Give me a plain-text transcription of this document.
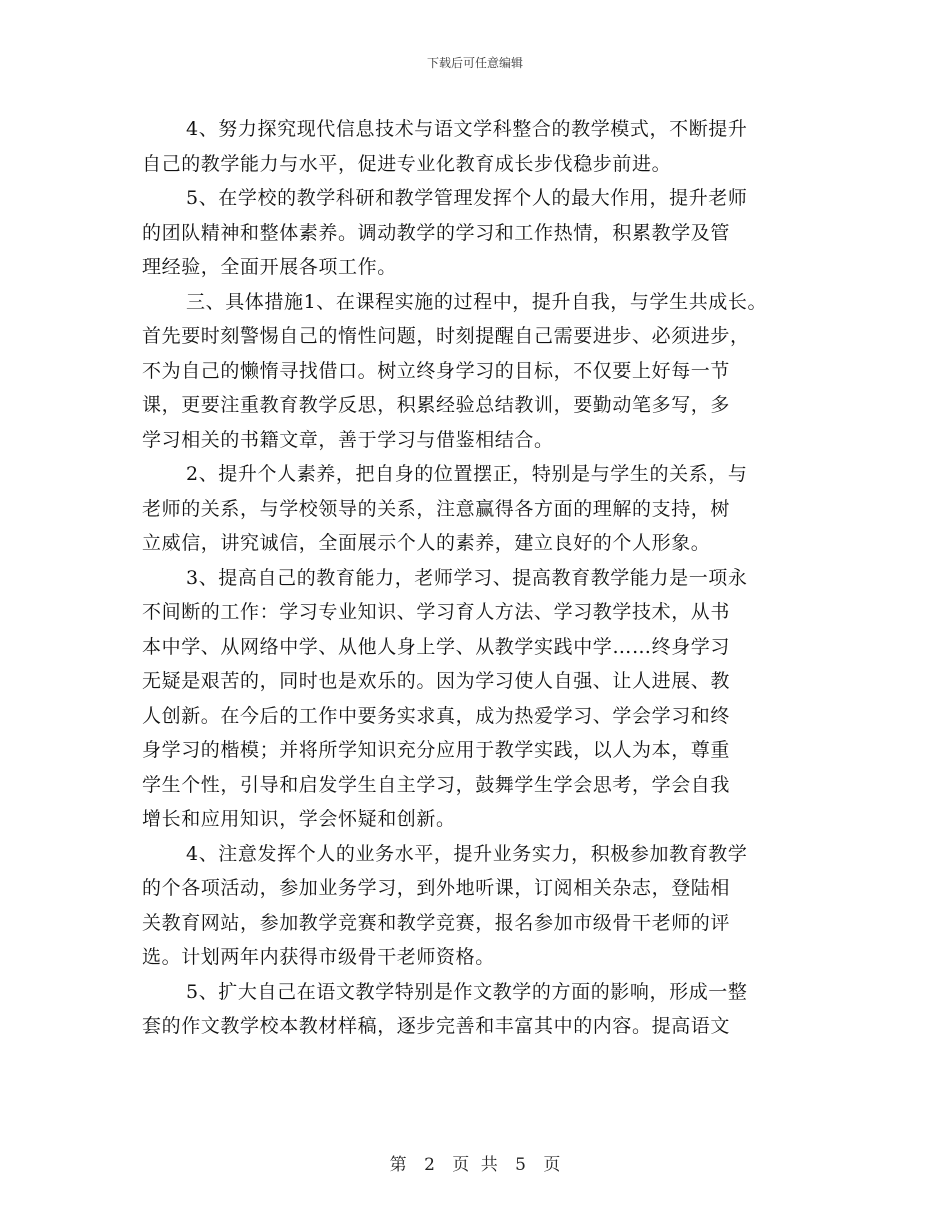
下载后可任意编辑

4、努力探究现代信息技术与语文学科整合的教学模式，不断提升
自己的教学能力与水平，促进专业化教育成长步伐稳步前进。

5、在学校的教学科研和教学管理发挥个人的最大作用，提升老师
的团队精神和整体素养。调动教学的学习和工作热情，积累教学及管
理经验，全面开展各项工作。

三、具体措施1、在课程实施的过程中，提升自我，与学生共成长。
首先要时刻警惕自己的惰性问题，时刻提醒自己需要进步、必须进步，
不为自己的懒惰寻找借口。树立终身学习的目标，不仅要上好每一节
课，更要注重教育教学反思，积累经验总结教训，要勤动笔多写，多
学习相关的书籍文章，善于学习与借鉴相结合。

2、提升个人素养，把自身的位置摆正，特别是与学生的关系，与
老师的关系，与学校领导的关系，注意赢得各方面的理解的支持，树
立威信，讲究诚信，全面展示个人的素养，建立良好的个人形象。

3、提高自己的教育能力，老师学习、提高教育教学能力是一项永
不间断的工作：学习专业知识、学习育人方法、学习教学技术，从书
本中学、从网络中学、从他人身上学、从教学实践中学……终身学习
无疑是艰苦的，同时也是欢乐的。因为学习使人自强、让人进展、教
人创新。在今后的工作中要务实求真，成为热爱学习、学会学习和终
身学习的楷模；并将所学知识充分应用于教学实践，以人为本，尊重
学生个性，引导和启发学生自主学习，鼓舞学生学会思考，学会自我
增长和应用知识，学会怀疑和创新。

4、注意发挥个人的业务水平，提升业务实力，积极参加教育教学
的个各项活动，参加业务学习，到外地听课，订阅相关杂志，登陆相
关教育网站，参加教学竞赛和教学竞赛，报名参加市级骨干老师的评
选。计划两年内获得市级骨干老师资格。

5、扩大自己在语文教学特别是作文教学的方面的影响，形成一整
套的作文教学校本教材样稿，逐步完善和丰富其中的内容。提高语文

第 2 页 共 5 页
